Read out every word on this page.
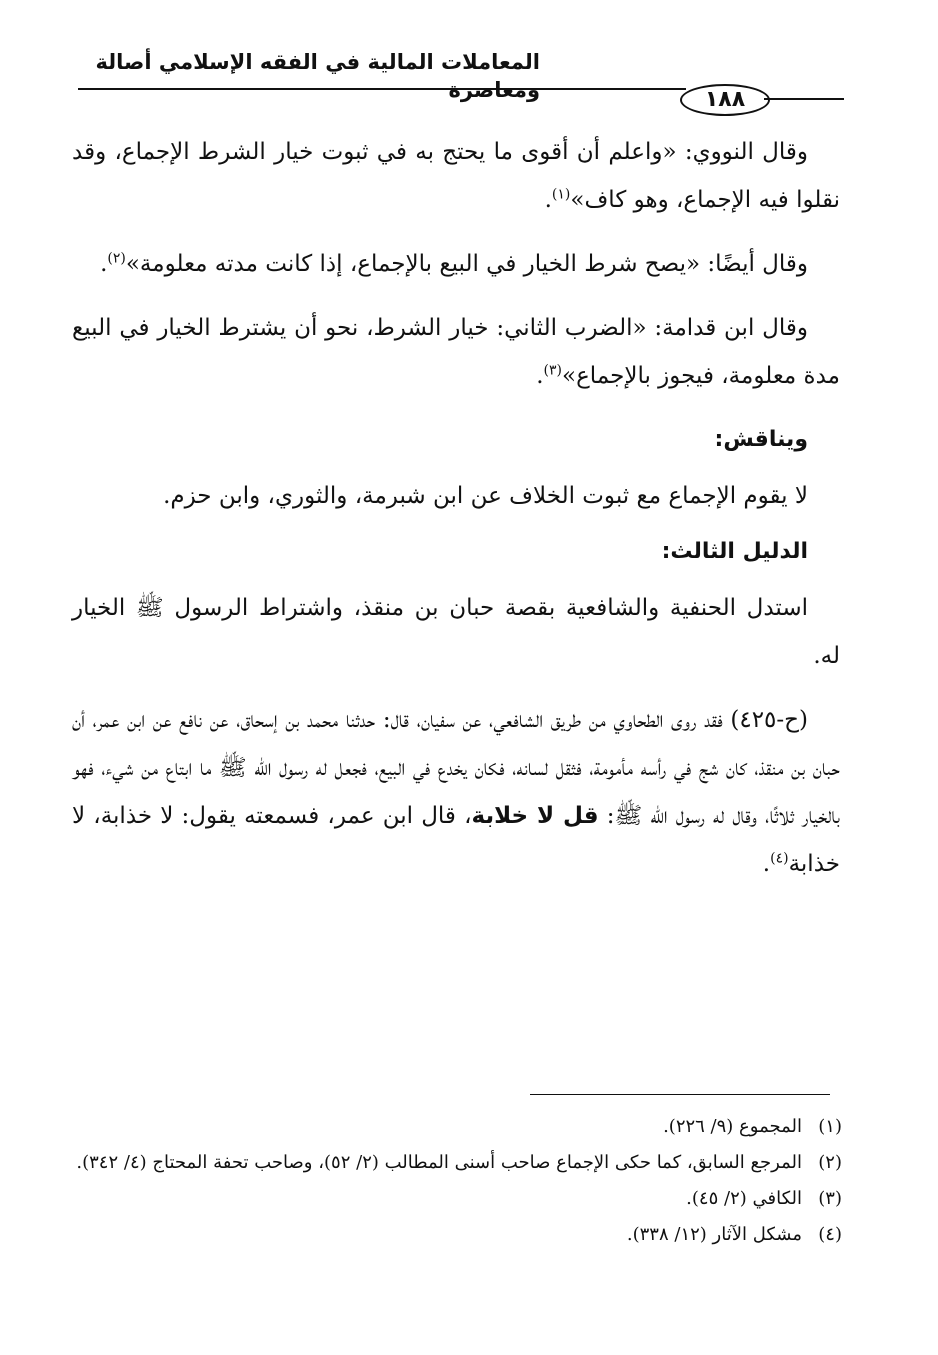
المعاملات المالية في الفقه الإسلامي أصالة ومعاصرة	١٨٨

وقال النووي: «واعلم أن أقوى ما يحتج به في ثبوت خيار الشرط الإجماع، وقد نقلوا فيه الإجماع، وهو كاف»$^{(١)}$.

وقال أيضًا: «يصح شرط الخيار في البيع بالإجماع، إذا كانت مدته معلومة»$^{(٢)}$.

وقال ابن قدامة: «الضرب الثاني: خيار الشرط، نحو أن يشترط الخيار في البيع مدة معلومة، فيجوز بالإجماع»$^{(٣)}$.

ويناقش:

لا يقوم الإجماع مع ثبوت الخلاف عن ابن شبرمة، والثوري، وابن حزم.

الدليل الثالث:

استدل الحنفية والشافعية بقصة حبان بن منقذ، واشتراط الرسول ﷺ الخيار له.

(ح-٤٢٥) فقد روى الطحاوي من طريق الشافعي، عن سفيان، قال: حدثنا محمد بن إسحاق، عن نافع عن ابن عمر، أن حبان بن منقذ، كان شج في رأسه مأمومة، فثقل لسانه، فكان يخدع في البيع، فجعل له رسول الله ﷺ ما ابتاع من شيء، فهو بالخيار ثلاثًا، وقال له رسول الله ﷺ: قل لا خلابة، قال ابن عمر، فسمعته يقول: لا خذابة، لا خذابة$^{(٤)}$.

(١)
المجموع (٩/ ٢٢٦).
(٢)
المرجع السابق، كما حكى الإجماع صاحب أسنى المطالب (٢/ ٥٢)، وصاحب تحفة المحتاج (٤/ ٣٤٢).
(٣)
الكافي (٢/ ٤٥).
(٤)
مشكل الآثار (١٢/ ٣٣٨).
